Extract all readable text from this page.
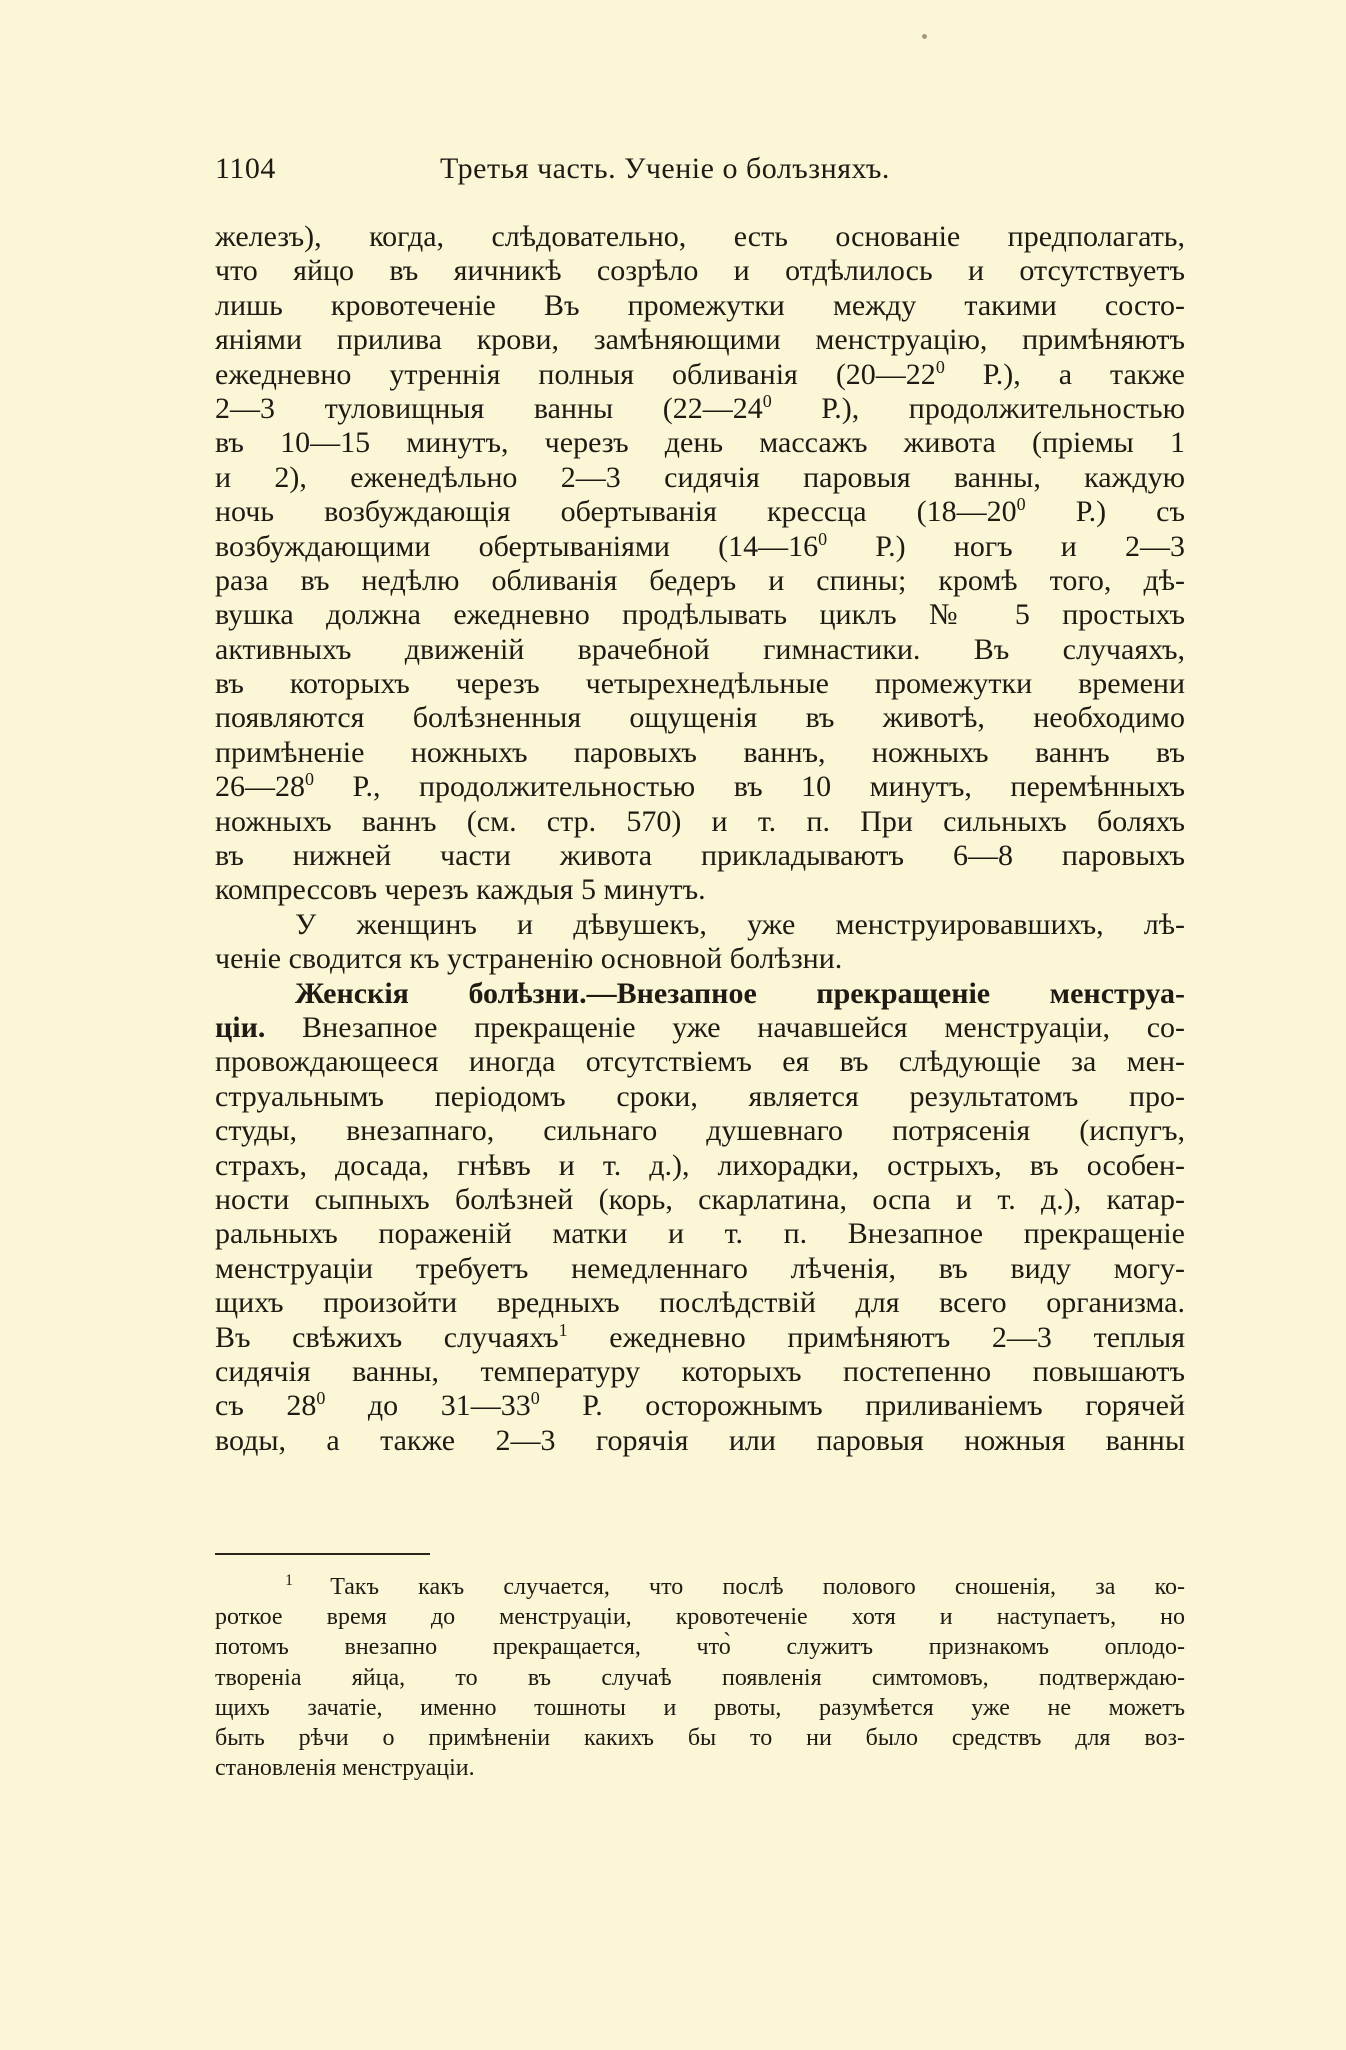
1104	Третья часть. Ученіе о болъзняхъ.
железъ), когда, слѣдовательно, есть основаніе предполагать,
что яйцо въ яичникѣ созрѣло и отдѣлилось и отсутствуетъ
лишь кровотеченіе Въ промежутки между такими состо-
яніями прилива крови, замѣняющими менструацію, примѣняютъ
ежедневно утреннія полныя обливанія ($20—22^0$ Р.), а также
2—3 туловищныя ванны ($22—24^0$ Р.), продолжительностью
въ 10—15 минутъ, черезъ день массажъ живота (пріемы 1
и 2), еженедѣльно 2—3 сидячія паровыя ванны, каждую
ночь возбуждающія обертыванія крессца ($18—20^0$ Р.) съ
возбуждающими обертываніями ($14—16^0$ Р.) ногъ и 2—3
раза въ недѣлю обливанія бедеръ и спины; кромѣ того, дѣ-
вушка должна ежедневно продѣлывать циклъ № 5 простыхъ
активныхъ движеній врачебной гимнастики. Въ случаяхъ,
въ которыхъ черезъ четырехнедѣльные промежутки времени
появляются болѣзненныя ощущенія въ животѣ, необходимо
примѣненіе ножныхъ паровыхъ ваннъ, ножныхъ ваннъ въ
$26—28^0$ Р., продолжительностью въ 10 минутъ, перемѣнныхъ
ножныхъ ваннъ (см. стр. 570) и т. п. При сильныхъ боляхъ
въ нижней части живота прикладываютъ 6—8 паровыхъ
компрессовъ черезъ каждыя 5 минутъ.
У женщинъ и дѣвушекъ, уже менструировавшихъ, лѣ-
ченіе сводится къ устраненію основной болѣзни.
Женскія болѣзни.—Внезапное прекращеніе менструа-
ціи. Внезапное прекращеніе уже начавшейся менструаціи, со-
провождающееся иногда отсутствіемъ ея въ слѣдующіе за мен-
струальнымъ періодомъ сроки, является результатомъ про-
студы, внезапнаго, сильнаго душевнаго потрясенія (испугъ,
страхъ, досада, гнѣвъ и т. д.), лихорадки, острыхъ, въ особен-
ности сыпныхъ болѣзней (корь, скарлатина, оспа и т. д.), катар-
ральныхъ пораженій матки и т. п. Внезапное прекращеніе
менструаціи требуетъ немедленнаго лѣченія, въ виду могу-
щихъ произойти вредныхъ послѣдствій для всего организма.
Въ свѣжихъ случаяхъ$^1$ ежедневно примѣняютъ 2—3 теплыя
сидячія ванны, температуру которыхъ постепенно повышаютъ
съ $28^0$ до $31—33^0$ Р. осторожнымъ приливаніемъ горячей
воды, а также 2—3 горячія или паровыя ножныя ванны
$^1$ Такъ какъ случается, что послѣ полового сношенія, за ко-
роткое время до менструаціи, кровотеченіе хотя и наступаетъ, но
потомъ внезапно прекращается, что̀ служитъ признакомъ оплодо-
твореніа яйца, то въ случаѣ появленія симтомовъ, подтверждаю-
щихъ зачатіе, именно тошноты и рвоты, разумѣется уже не можетъ
быть рѣчи о примѣненіи какихъ бы то ни было средствъ для воз-
становленія менструаціи.
